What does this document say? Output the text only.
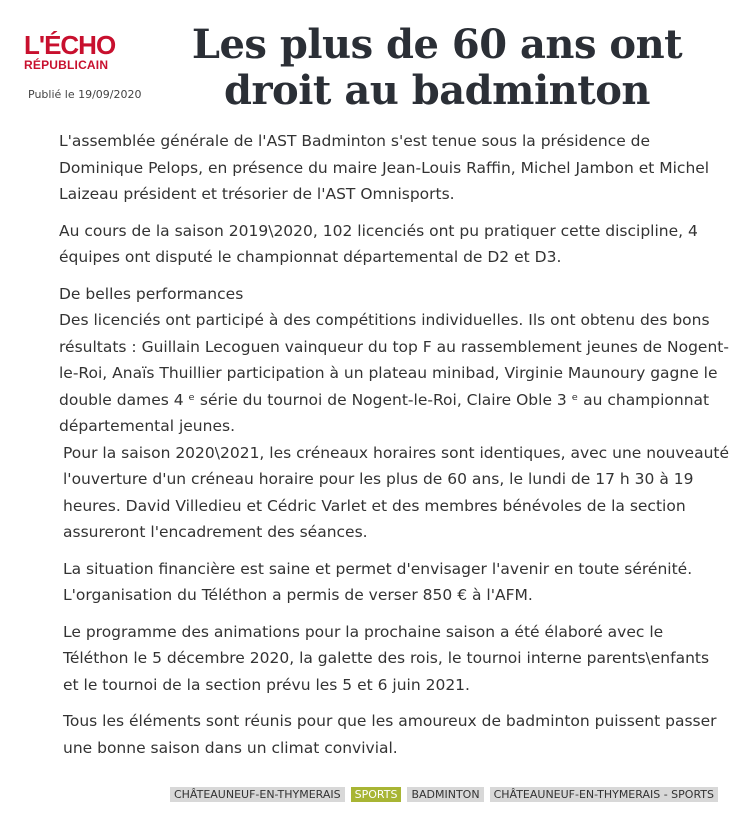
L'ÉCHO
RÉPUBLICAIN
Publié le 19/09/2020
Les plus de 60 ans ont droit au badminton

L'assemblée générale de l'AST Badminton s'est tenue sous la présidence de Dominique Pelops, en présence du maire Jean-Louis Raffin, Michel Jambon et Michel Laizeau président et trésorier de l'AST Omnisports.

Au cours de la saison 2019\2020, 102 licenciés ont pu pratiquer cette discipline, 4 équipes ont disputé le championnat départemental de D2 et D3.

De belles performances

Des licenciés ont participé à des compétitions individuelles. Ils ont obtenu des bons résultats : Guillain Lecoguen vainqueur du top F au rassemblement jeunes de Nogent-le-Roi, Anaïs Thuillier participation à un plateau minibad, Virginie Maunoury gagne le double dames 4 ᵉ série du tournoi de Nogent-le-Roi, Claire Oble 3 ᵉ au championnat départemental jeunes.

Pour la saison 2020\2021, les créneaux horaires sont identiques, avec une nouveauté l'ouverture d'un créneau horaire pour les plus de 60 ans, le lundi de 17 h 30 à 19 heures. David Villedieu et Cédric Varlet et des membres bénévoles de la section assureront l'encadrement des séances.

La situation financière est saine et permet d'envisager l'avenir en toute sérénité. L'organisation du Téléthon a permis de verser 850 € à l'AFM.

Le programme des animations pour la prochaine saison a été élaboré avec le Téléthon le 5 décembre 2020, la galette des rois, le tournoi interne parents\enfants et le tournoi de la section prévu les 5 et 6 juin 2021.

Tous les éléments sont réunis pour que les amoureux de badminton puissent passer une bonne saison dans un climat convivial.

CHÂTEAUNEUF-EN-THYMERAIS	SPORTS	BADMINTON	CHÂTEAUNEUF-EN-THYMERAIS - SPORTS
